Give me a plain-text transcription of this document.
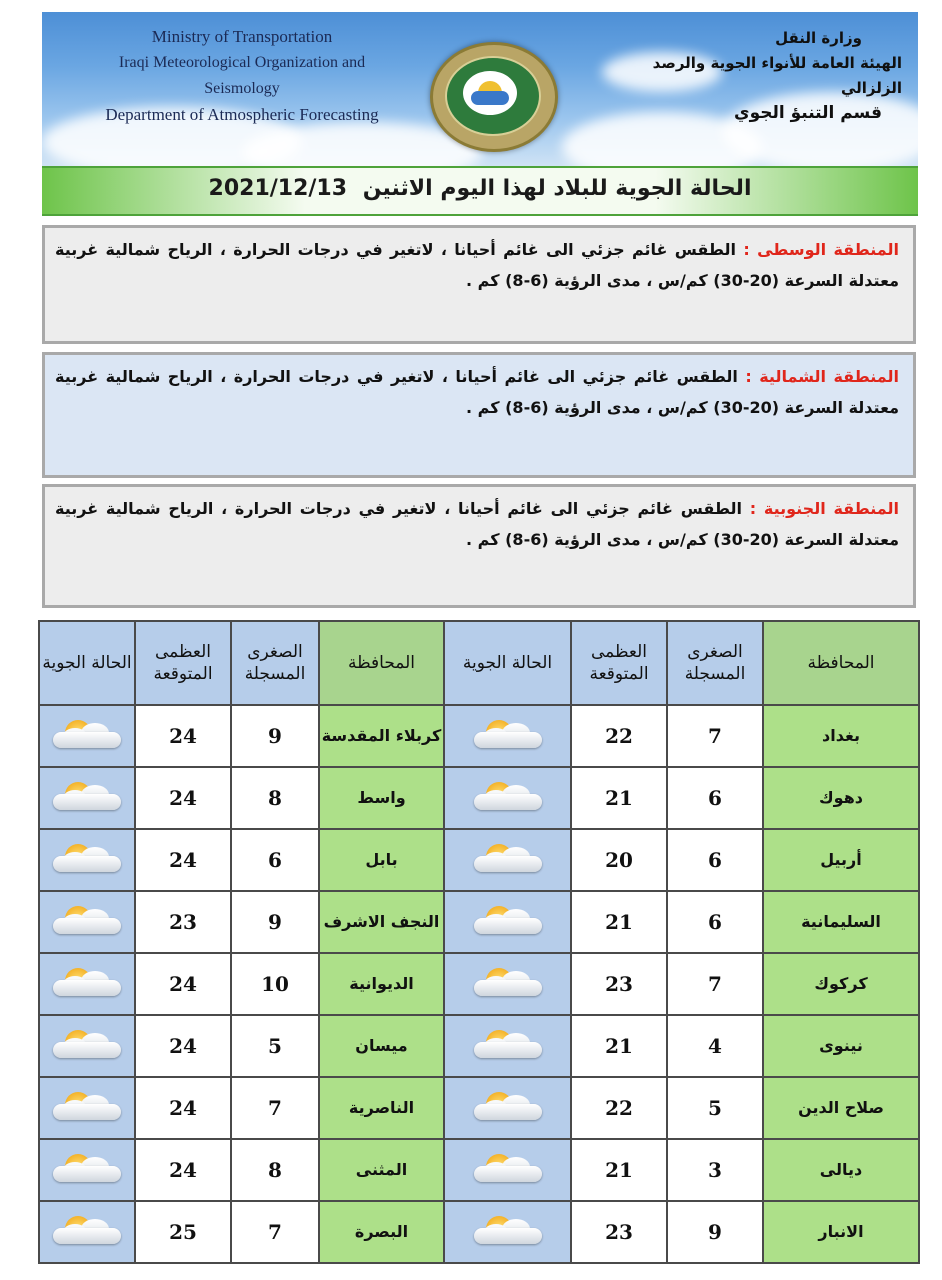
Ministry of Transportation
Iraqi Meteorological Organization and Seismology
Department of Atmospheric Forecasting
وزارة النقل
الهيئة العامة للأنواء الجوية والرصد الزلزالي
قسم التنبؤ الجوي
الحالة الجوية للبلاد لهذا اليوم الاثنين 2021/12/13
المنطقة الوسطى : الطقس غائم جزئي الى غائم أحيانا ، لاتغير في درجات الحرارة ، الرياح شمالية غربية معتدلة السرعة (20-30) كم/س ، مدى الرؤية (6-8) كم .
المنطقة الشمالية : الطقس غائم جزئي الى غائم أحيانا ، لاتغير في درجات الحرارة ، الرياح شمالية غربية معتدلة السرعة (20-30) كم/س ، مدى الرؤية (6-8) كم .
المنطقة الجنوبية : الطقس غائم جزئي الى غائم أحيانا ، لاتغير في درجات الحرارة ، الرياح شمالية غربية معتدلة السرعة (20-30) كم/س ، مدى الرؤية (6-8) كم .
المحافظة	الصغرى المسجلة	العظمى المتوقعة	الحالة الجوية	المحافظة	الصغرى المسجلة	العظمى المتوقعة	الحالة الجوية
بغداد	7	22		كربلاء المقدسة	9	24	

دهوك	6	21		واسط	8	24	

أربيل	6	20		بابل	6	24	

السليمانية	6	21		النجف الاشرف	9	23	

كركوك	7	23		الديوانية	10	24	

نينوى	4	21		ميسان	5	24	

صلاح الدين	5	22		الناصرية	7	24	

ديالى	3	21		المثنى	8	24	

الانبار	9	23		البصرة	7	25	
